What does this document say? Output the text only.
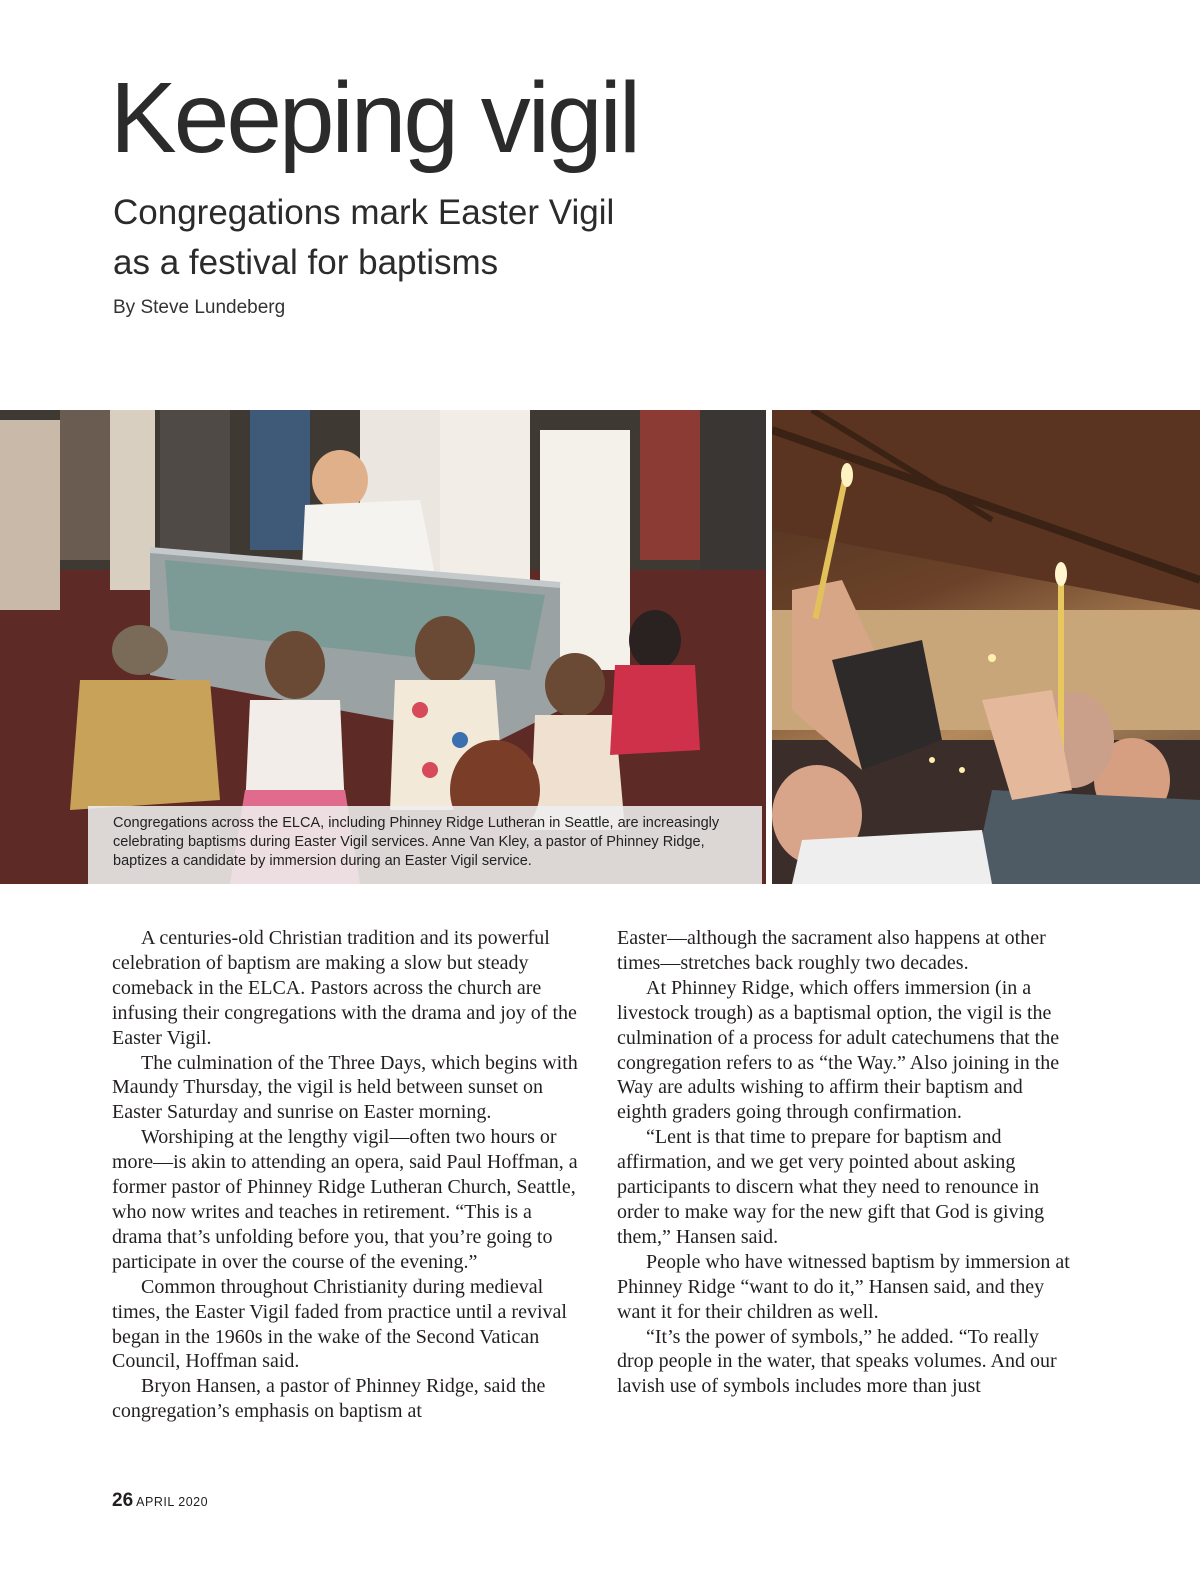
Keeping vigil
Congregations mark Easter Vigil
as a festival for baptisms
By Steve Lundeberg
Congregations across the ELCA, including Phinney Ridge Lutheran in Seattle, are increasingly celebrating baptisms during Easter Vigil services. Anne Van Kley, a pastor of Phinney Ridge, baptizes a candidate by immersion during an Easter Vigil service.

A centuries-old Christian tradition and its powerful celebration of baptism are making a slow but steady comeback in the ELCA. Pastors across the church are infusing their congregations with the drama and joy of the Easter Vigil.

The culmination of the Three Days, which begins with Maundy Thursday, the vigil is held between sunset on Easter Saturday and sunrise on Easter morning.

Worshiping at the lengthy vigil—often two hours or more—is akin to attending an opera, said Paul Hoffman, a former pastor of Phinney Ridge Lutheran Church, Seattle, who now writes and teaches in retirement. “This is a drama that’s unfolding before you, that you’re going to participate in over the course of the evening.”

Common throughout Christianity during medieval times, the Easter Vigil faded from practice until a revival began in the 1960s in the wake of the Second Vatican Council, Hoffman said.

Bryon Hansen, a pastor of Phinney Ridge, said the congregation’s emphasis on baptism at

Easter—although the sacrament also happens at other times—stretches back roughly two decades.

At Phinney Ridge, which offers immersion (in a livestock trough) as a baptismal option, the vigil is the culmination of a process for adult catechumens that the congregation refers to as “the Way.” Also joining in the Way are adults wishing to affirm their baptism and eighth graders going through confirmation.

“Lent is that time to prepare for baptism and affirmation, and we get very pointed about asking participants to discern what they need to renounce in order to make way for the new gift that God is giving them,” Hansen said.

People who have witnessed baptism by immersion at Phinney Ridge “want to do it,” Hansen said, and they want it for their children as well.

“It’s the power of symbols,” he added. “To really drop people in the water, that speaks volumes. And our lavish use of symbols includes more than just

26 APRIL 2020
